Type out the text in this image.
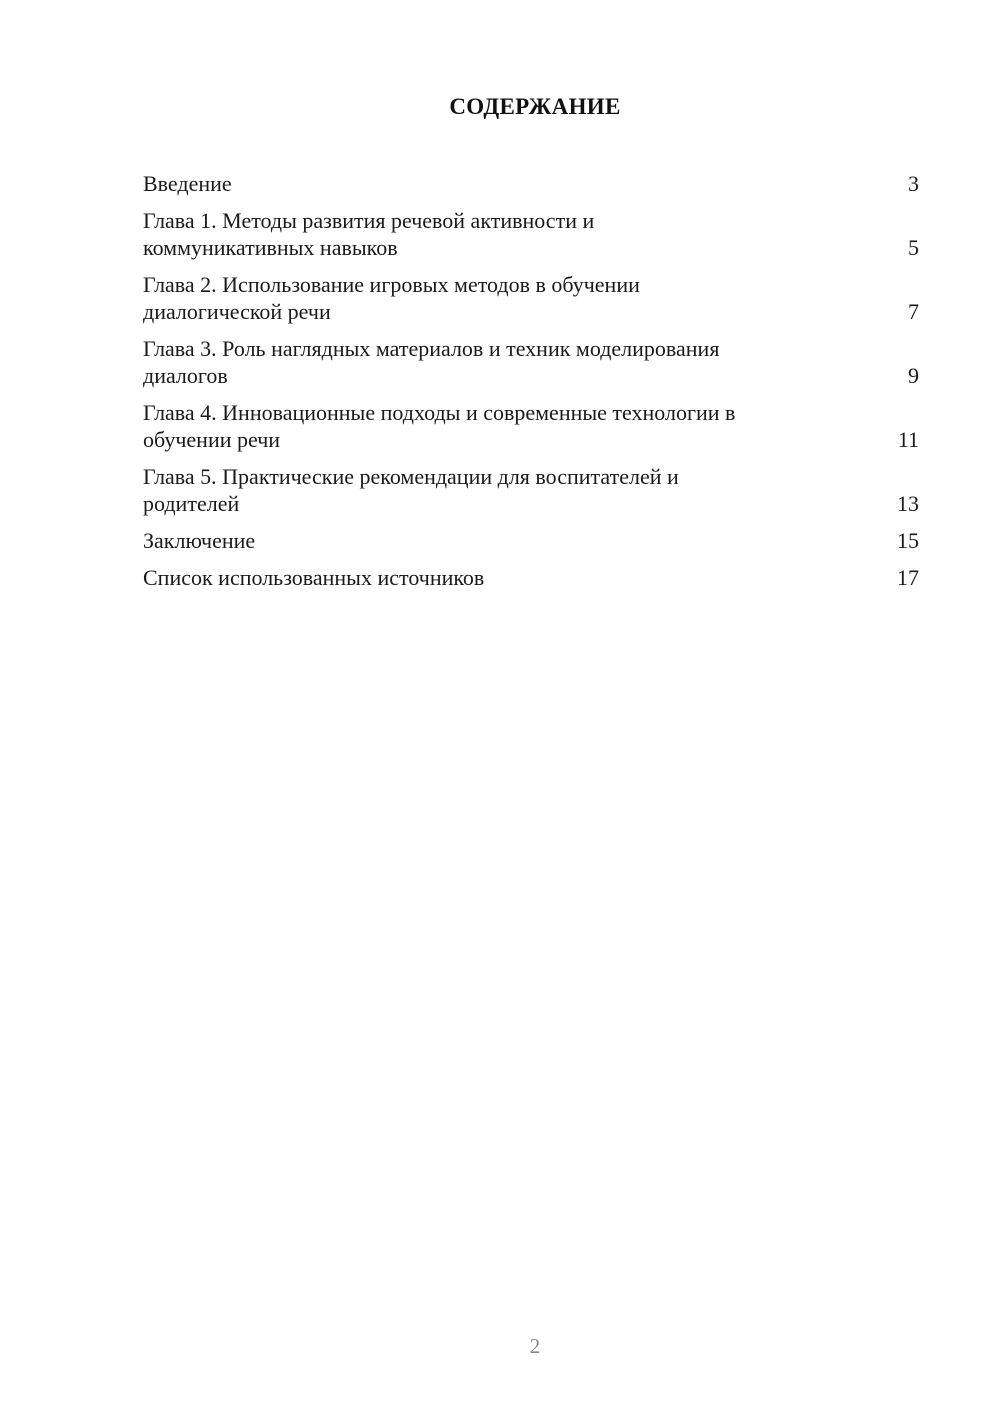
СОДЕРЖАНИЕ
Введение	3
Глава 1. Методы развития речевой активности и
коммуникативных навыков	5
Глава 2. Использование игровых методов в обучении
диалогической речи	7
Глава 3. Роль наглядных материалов и техник моделирования
диалогов	9
Глава 4. Инновационные подходы и современные технологии в
обучении речи	11
Глава 5. Практические рекомендации для воспитателей и
родителей	13
Заключение	15
Список использованных источников	17
2
